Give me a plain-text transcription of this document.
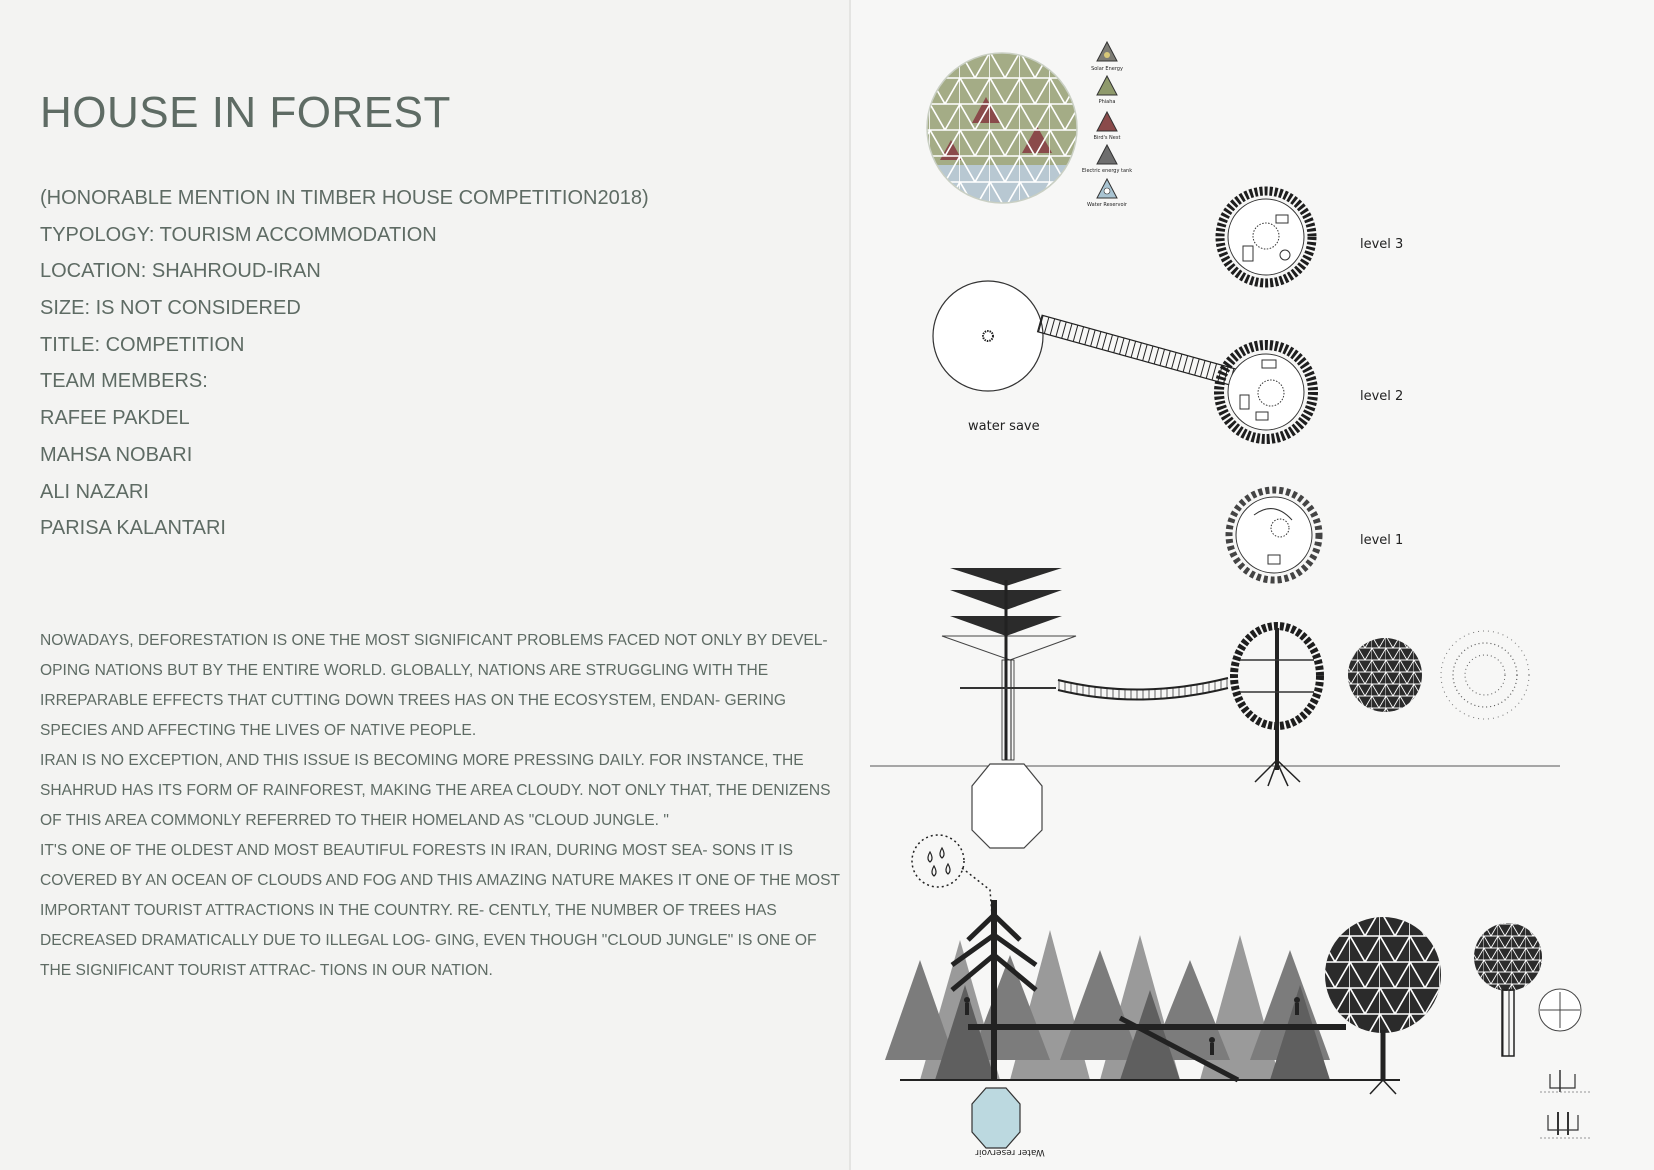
HOUSE IN FOREST
(HONORABLE MENTION IN TIMBER HOUSE COMPETITION2018)
TYPOLOGY: TOURISM ACCOMMODATION
LOCATION: SHAHROUD-IRAN
SIZE: IS NOT CONSIDERED
TITLE: COMPETITION
TEAM MEMBERS:
RAFEE PAKDEL
MAHSA NOBARI
ALI NAZARI
PARISA KALANTARI

NOWADAYS, DEFORESTATION IS ONE THE MOST SIGNIFICANT PROBLEMS FACED NOT ONLY BY DEVEL- OPING NATIONS BUT BY THE ENTIRE WORLD. GLOBALLY, NATIONS ARE STRUGGLING WITH THE IRREPARABLE EFFECTS THAT CUTTING DOWN TREES HAS ON THE ECOSYSTEM, ENDAN- GERING SPECIES AND AFFECTING THE LIVES OF NATIVE PEOPLE.

IRAN IS NO EXCEPTION, AND THIS ISSUE IS BECOMING MORE PRESSING DAILY. FOR INSTANCE, THE SHAHRUD HAS ITS FORM OF RAINFOREST, MAKING THE AREA CLOUDY. NOT ONLY THAT, THE DENIZENS OF THIS AREA COMMONLY REFERRED TO THEIR HOMELAND AS "CLOUD JUNGLE. "

IT'S ONE OF THE OLDEST AND MOST BEAUTIFUL FORESTS IN IRAN, DURING MOST SEA- SONS IT IS COVERED BY AN OCEAN OF CLOUDS AND FOG AND THIS AMAZING NATURE MAKES IT ONE OF THE MOST IMPORTANT TOURIST ATTRACTIONS IN THE COUNTRY. RE- CENTLY, THE NUMBER OF TREES HAS DECREASED DRAMATICALLY DUE TO ILLEGAL LOG- GING, EVEN THOUGH "CLOUD JUNGLE" IS ONE OF THE SIGNIFICANT TOURIST ATTRAC- TIONS IN OUR NATION.

Solar Energy
Phiaha
Bird's Nest
Electric energy tank
Water Reservoir
level 3
water save
level 2
level 1
Water reservoir
